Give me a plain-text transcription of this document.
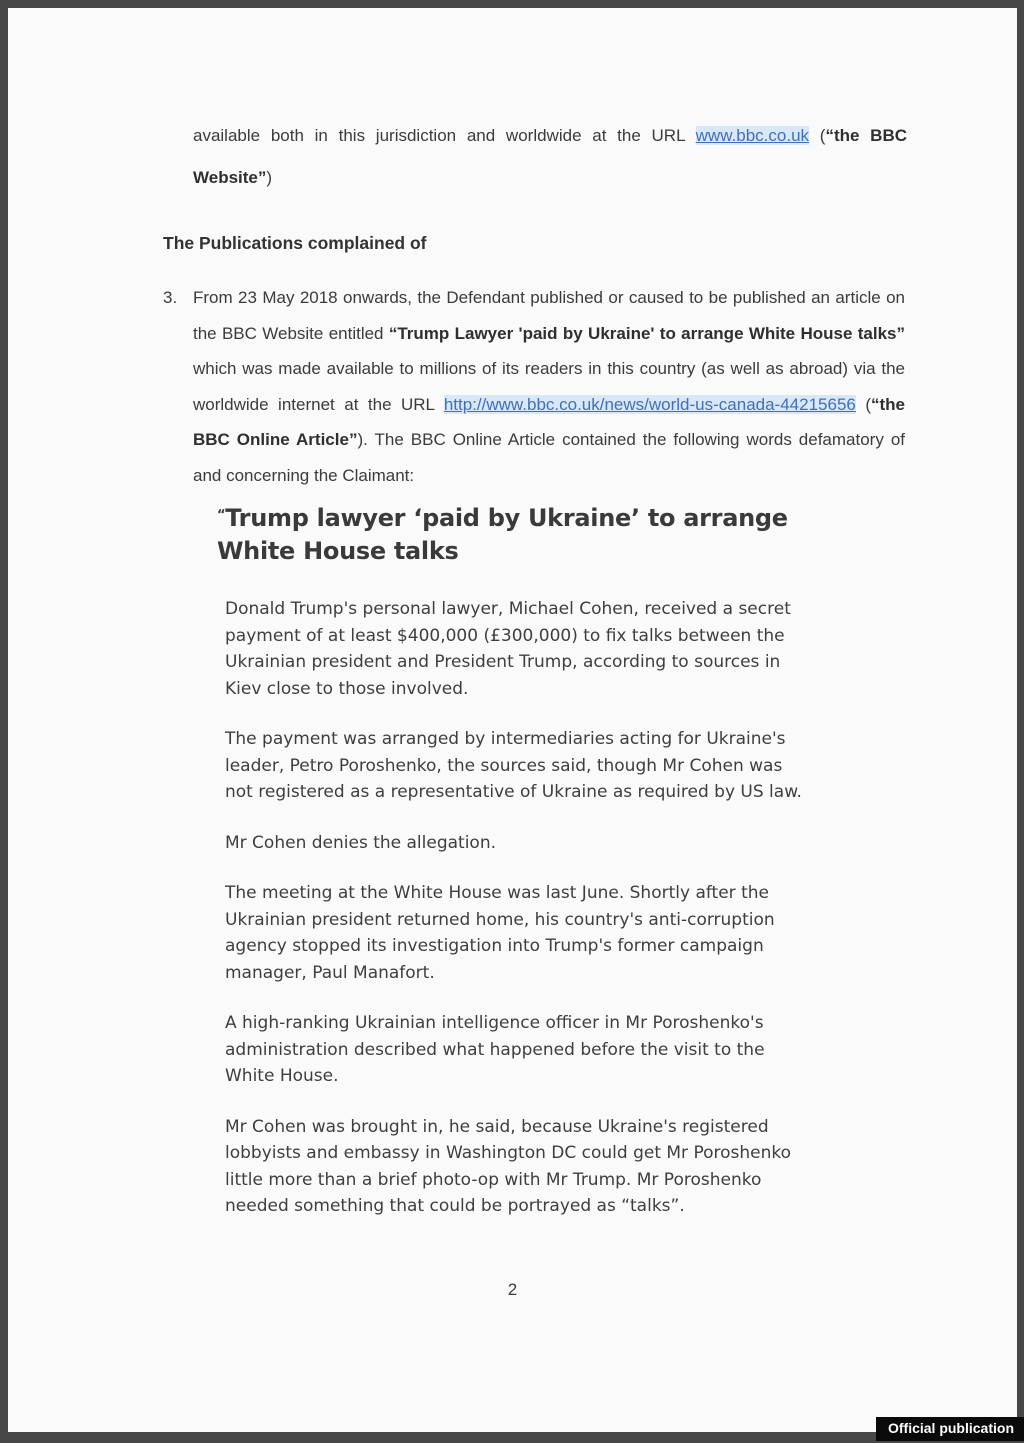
available both in this jurisdiction and worldwide at the URL www.bbc.co.uk (“the BBC Website”)
The Publications complained of
3. From 23 May 2018 onwards, the Defendant published or caused to be published an article on the BBC Website entitled “Trump Lawyer 'paid by Ukraine' to arrange White House talks” which was made available to millions of its readers in this country (as well as abroad) via the worldwide internet at the URL http://www.bbc.co.uk/news/world-us-canada-44215656 (“the BBC Online Article”). The BBC Online Article contained the following words defamatory of and concerning the Claimant:
“Trump lawyer ‘paid by Ukraine’ to arrange White House talks

Donald Trump's personal lawyer, Michael Cohen, received a secret payment of at least $400,000 (£300,000) to fix talks between the Ukrainian president and President Trump, according to sources in Kiev close to those involved.

The payment was arranged by intermediaries acting for Ukraine's leader, Petro Poroshenko, the sources said, though Mr Cohen was not registered as a representative of Ukraine as required by US law.

Mr Cohen denies the allegation.

The meeting at the White House was last June. Shortly after the Ukrainian president returned home, his country's anti-corruption agency stopped its investigation into Trump's former campaign manager, Paul Manafort.

A high-ranking Ukrainian intelligence officer in Mr Poroshenko's administration described what happened before the visit to the White House.

Mr Cohen was brought in, he said, because Ukraine's registered lobbyists and embassy in Washington DC could get Mr Poroshenko little more than a brief photo-op with Mr Trump. Mr Poroshenko needed something that could be portrayed as “talks”.

2
Official publication
